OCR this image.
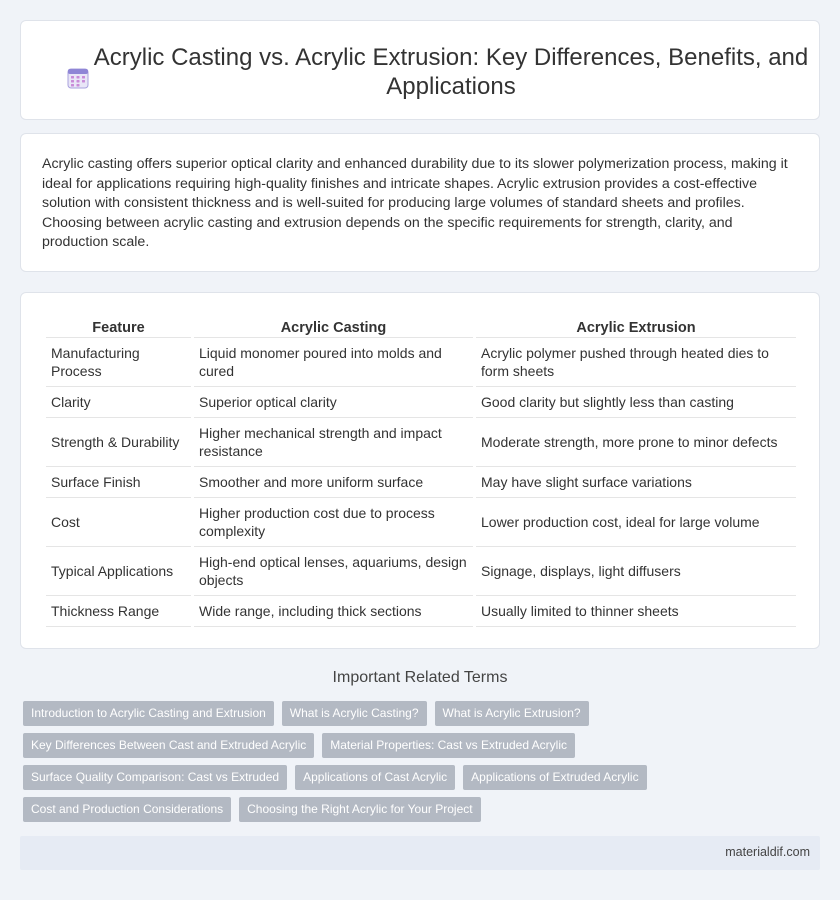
Acrylic Casting vs. Acrylic Extrusion: Key Differences, Benefits, and Applications

Acrylic casting offers superior optical clarity and enhanced durability due to its slower polymerization process, making it ideal for applications requiring high-quality finishes and intricate shapes. Acrylic extrusion provides a cost-effective solution with consistent thickness and is well-suited for producing large volumes of standard sheets and profiles. Choosing between acrylic casting and extrusion depends on the specific requirements for strength, clarity, and production scale.

Feature	Acrylic Casting	Acrylic Extrusion
Manufacturing Process	Liquid monomer poured into molds and cured	Acrylic polymer pushed through heated dies to form sheets
Clarity	Superior optical clarity	Good clarity but slightly less than casting
Strength & Durability	Higher mechanical strength and impact resistance	Moderate strength, more prone to minor defects
Surface Finish	Smoother and more uniform surface	May have slight surface variations
Cost	Higher production cost due to process complexity	Lower production cost, ideal for large volume
Typical Applications	High-end optical lenses, aquariums, design objects	Signage, displays, light diffusers
Thickness Range	Wide range, including thick sections	Usually limited to thinner sheets
Important Related Terms
Introduction to Acrylic Casting and Extrusion	What is Acrylic Casting?	What is Acrylic Extrusion?
Key Differences Between Cast and Extruded Acrylic	Material Properties: Cast vs Extruded Acrylic
Surface Quality Comparison: Cast vs Extruded	Applications of Cast Acrylic	Applications of Extruded Acrylic
Cost and Production Considerations	Choosing the Right Acrylic for Your Project
materialdif.com
